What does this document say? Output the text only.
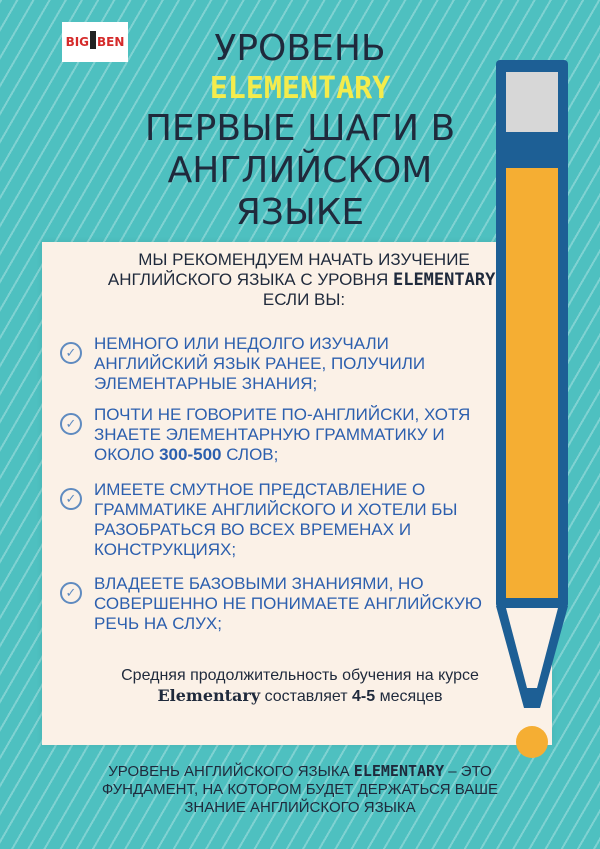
BIG BEN	УРОВЕНЬ
ELEMENTARY
ПЕРВЫЕ ШАГИ В АНГЛИЙСКОМ ЯЗЫКЕ
МЫ РЕКОМЕНДУЕМ НАЧАТЬ ИЗУЧЕНИЕ АНГЛИЙСКОГО ЯЗЫКА С УРОВНЯ ELEMENTARY ЕСЛИ ВЫ:
✓	НЕМНОГО ИЛИ НЕДОЛГО ИЗУЧАЛИ АНГЛИЙСКИЙ ЯЗЫК РАНЕЕ, ПОЛУЧИЛИ ЭЛЕМЕНТАРНЫЕ ЗНАНИЯ;
✓	ПОЧТИ НЕ ГОВОРИТЕ ПО-АНГЛИЙСКИ, ХОТЯ ЗНАЕТЕ ЭЛЕМЕНТАРНУЮ ГРАММАТИКУ И ОКОЛО 300-500 СЛОВ;
✓	ИМЕЕТЕ СМУТНОЕ ПРЕДСТАВЛЕНИЕ О ГРАММАТИКЕ АНГЛИЙСКОГО И ХОТЕЛИ БЫ РАЗОБРАТЬСЯ ВО ВСЕХ ВРЕМЕНАХ И КОНСТРУКЦИЯХ;
✓	ВЛАДЕЕТЕ БАЗОВЫМИ ЗНАНИЯМИ, НО СОВЕРШЕННО НЕ ПОНИМАЕТЕ АНГЛИЙСКУЮ РЕЧЬ НА СЛУХ;
Средняя продолжительность обучения на курсе Elementary составляет 4-5 месяцев
УРОВЕНЬ АНГЛИЙСКОГО ЯЗЫКА ELEMENTARY – ЭТО ФУНДАМЕНТ, НА КОТОРОМ БУДЕТ ДЕРЖАТЬСЯ ВАШЕ ЗНАНИЕ АНГЛИЙСКОГО ЯЗЫКА
